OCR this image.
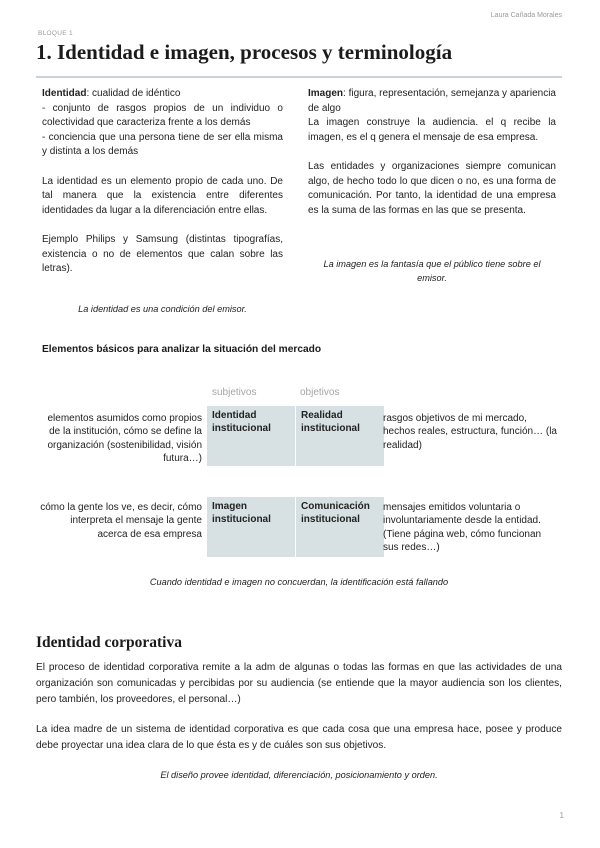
Laura Cañada Morales
BLOQUE 1
1. Identidad e imagen, procesos y terminología

Identidad: cualidad de idéntico

- conjunto de rasgos propios de un individuo o colectividad que caracteriza frente a los demás

- conciencia que una persona tiene de ser ella misma y distinta a los demás

La identidad es un elemento propio de cada uno. De tal manera que la existencia entre diferentes identidades da lugar a la diferenciación entre ellas.

Ejemplo Philips y Samsung (distintas tipografías, existencia o no de elementos que calan sobre las letras).

La identidad es una condición del emisor.

Imagen: figura, representación, semejanza y apariencia de algo

La imagen construye la audiencia. el q recibe la imagen, es el q genera el mensaje de esa empresa.

Las entidades y organizaciones siempre comunican algo, de hecho todo lo que dicen o no, es una forma de comunicación. Por tanto, la identidad de una empresa es la suma de las formas en las que se presenta.

La imagen es la fantasía que el público tiene sobre el emisor.
Elementos básicos para analizar la situación del mercado
subjetivos	objetivos
elementos asumidos como propios de la institución, cómo se define la organización (sostenibilidad, visión futura…)
Identidad institucional
Realidad institucional
rasgos objetivos de mi mercado, hechos reales, estructura, función… (la realidad)
cómo la gente los ve, es decir, cómo interpreta el mensaje la gente acerca de esa empresa
Imagen institucional
Comunicación institucional
mensajes emitidos voluntaria o involuntariamente desde la entidad. (Tiene página web, cómo funcionan sus redes…)
Cuando identidad e imagen no concuerdan, la identificación está fallando
Identidad corporativa

El proceso de identidad corporativa remite a la adm de algunas o todas las formas en que las actividades de una organización son comunicadas y percibidas por su audiencia (se entiende que la mayor audiencia son los clientes, pero también, los proveedores, el personal…)

La idea madre de un sistema de identidad corporativa es que cada cosa que una empresa hace, posee y produce debe proyectar una idea clara de lo que ésta es y de cuáles son sus objetivos.

El diseño provee identidad, diferenciación, posicionamiento y orden.
1
